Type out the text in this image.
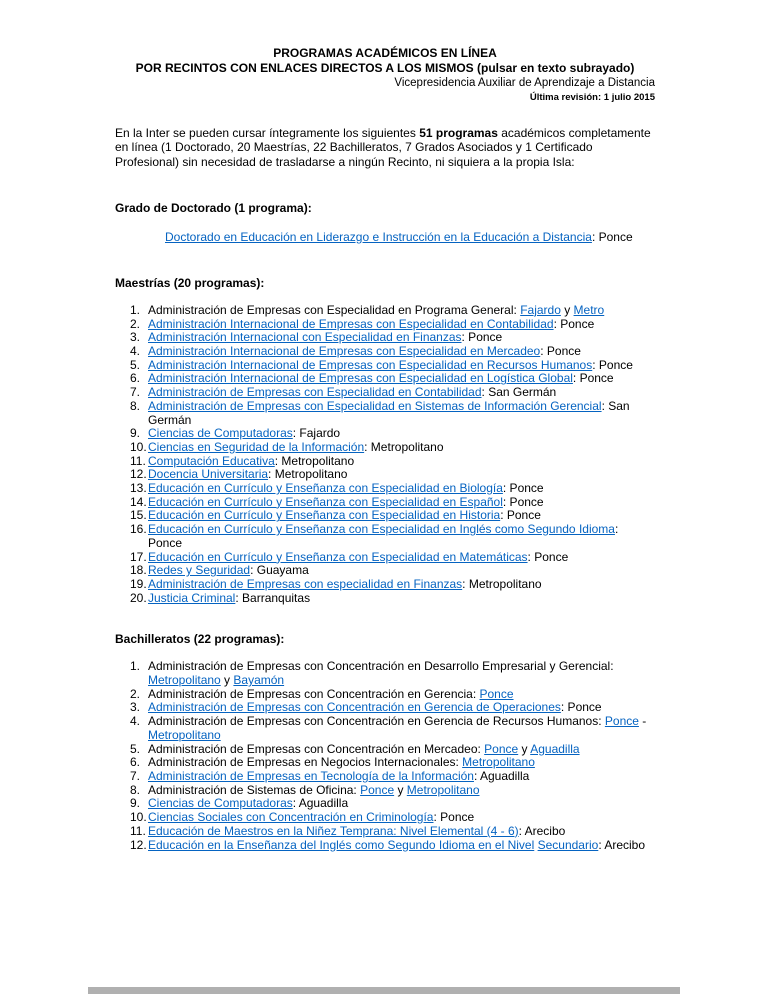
PROGRAMAS ACADÉMICOS EN LÍNEA
POR RECINTOS CON ENLACES DIRECTOS A LOS MISMOS (pulsar en texto subrayado)
Vicepresidencia Auxiliar de Aprendizaje a Distancia
Última revisión: 1 julio 2015

En la Inter se pueden cursar íntegramente los siguientes 51 programas académicos completamente en línea (1 Doctorado, 20 Maestrías, 22 Bachilleratos, 7 Grados Asociados y 1 Certificado Profesional) sin necesidad de trasladarse a ningún Recinto, ni siquiera a la propia Isla:

Grado de Doctorado (1 programa):

Doctorado en Educación en Liderazgo e Instrucción en la Educación a Distancia: Ponce

Maestrías (20 programas):
1. Administración de Empresas con Especialidad en Programa General: Fajardo y Metro
2. Administración Internacional de Empresas con Especialidad en Contabilidad: Ponce
3. Administración Internacional con Especialidad en Finanzas: Ponce
4. Administración Internacional de Empresas con Especialidad en Mercadeo: Ponce
5. Administración Internacional de Empresas con Especialidad en Recursos Humanos: Ponce
6. Administración Internacional de Empresas con Especialidad en Logística Global: Ponce
7. Administración de Empresas con Especialidad en Contabilidad: San Germán
8. Administración de Empresas con Especialidad en Sistemas de Información Gerencial: San Germán
9. Ciencias de Computadoras: Fajardo
10. Ciencias en Seguridad de la Información: Metropolitano
11. Computación Educativa: Metropolitano
12. Docencia Universitaria: Metropolitano
13. Educación en Currículo y Enseñanza con Especialidad en Biología: Ponce
14. Educación en Currículo y Enseñanza con Especialidad en Español: Ponce
15. Educación en Currículo y Enseñanza con Especialidad en Historia: Ponce
16. Educación en Currículo y Enseñanza con Especialidad en Inglés como Segundo Idioma: Ponce
17. Educación en Currículo y Enseñanza con Especialidad en Matemáticas: Ponce
18. Redes y Seguridad: Guayama
19. Administración de Empresas con especialidad en Finanzas: Metropolitano
20. Justicia Criminal: Barranquitas
Bachilleratos (22 programas):
1. Administración de Empresas con Concentración en Desarrollo Empresarial y Gerencial: Metropolitano y Bayamón
2. Administración de Empresas con Concentración en Gerencia: Ponce
3. Administración de Empresas con Concentración en Gerencia de Operaciones: Ponce
4. Administración de Empresas con Concentración en Gerencia de Recursos Humanos: Ponce - Metropolitano
5. Administración de Empresas con Concentración en Mercadeo: Ponce y Aguadilla
6. Administración de Empresas en Negocios Internacionales: Metropolitano
7. Administración de Empresas en Tecnología de la Información: Aguadilla
8. Administración de Sistemas de Oficina: Ponce y Metropolitano
9. Ciencias de Computadoras: Aguadilla
10. Ciencias Sociales con Concentración en Criminología: Ponce
11. Educación de Maestros en la Niñez Temprana: Nivel Elemental (4 - 6): Arecibo
12. Educación en la Enseñanza del Inglés como Segundo Idioma en el Nivel Secundario: Arecibo
